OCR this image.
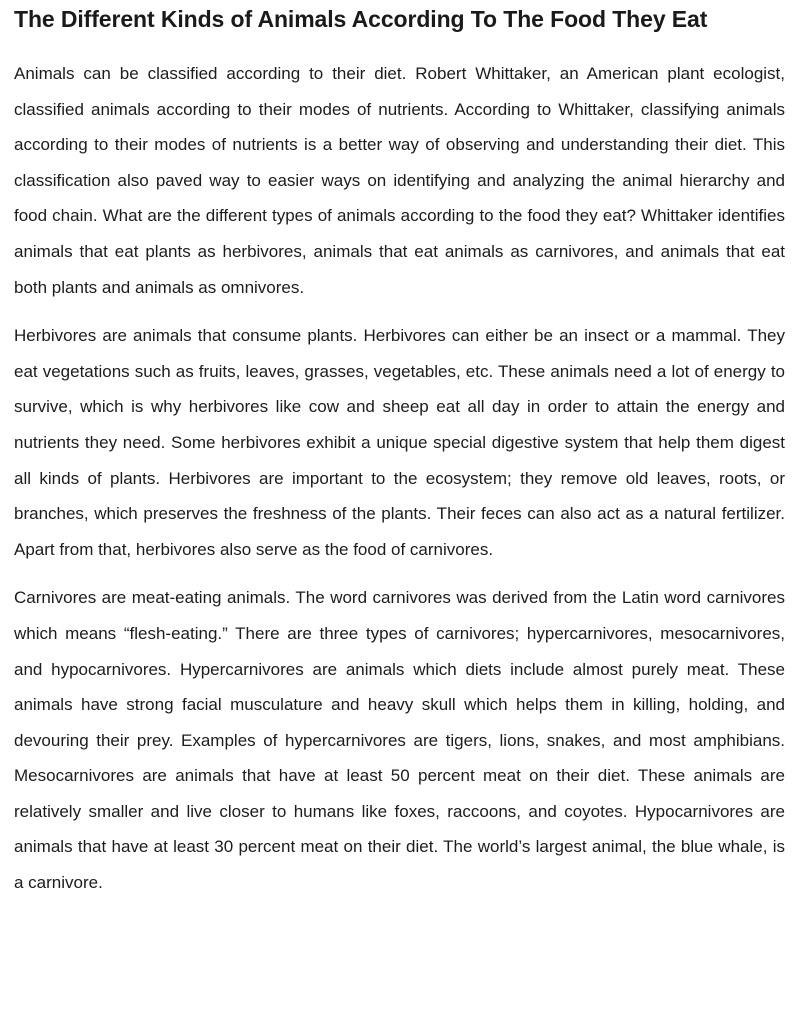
The Different Kinds of Animals According To The Food They Eat

Animals can be classified according to their diet. Robert Whittaker, an American plant ecologist, classified animals according to their modes of nutrients. According to Whittaker, classifying animals according to their modes of nutrients is a better way of observing and understanding their diet. This classification also paved way to easier ways on identifying and analyzing the animal hierarchy and food chain. What are the different types of animals according to the food they eat? Whittaker identifies animals that eat plants as herbivores, animals that eat animals as carnivores, and animals that eat both plants and animals as omnivores.

Herbivores are animals that consume plants. Herbivores can either be an insect or a mammal. They eat vegetations such as fruits, leaves, grasses, vegetables, etc. These animals need a lot of energy to survive, which is why herbivores like cow and sheep eat all day in order to attain the energy and nutrients they need. Some herbivores exhibit a unique special digestive system that help them digest all kinds of plants. Herbivores are important to the ecosystem; they remove old leaves, roots, or branches, which preserves the freshness of the plants. Their feces can also act as a natural fertilizer. Apart from that, herbivores also serve as the food of carnivores.

Carnivores are meat-eating animals. The word carnivores was derived from the Latin word carnivores which means “flesh-eating.” There are three types of carnivores; hypercarnivores, mesocarnivores, and hypocarnivores. Hypercarnivores are animals which diets include almost purely meat. These animals have strong facial musculature and heavy skull which helps them in killing, holding, and devouring their prey. Examples of hypercarnivores are tigers, lions, snakes, and most amphibians. Mesocarnivores are animals that have at least 50 percent meat on their diet. These animals are relatively smaller and live closer to humans like foxes, raccoons, and coyotes. Hypocarnivores are animals that have at least 30 percent meat on their diet. The world’s largest animal, the blue whale, is a carnivore.
